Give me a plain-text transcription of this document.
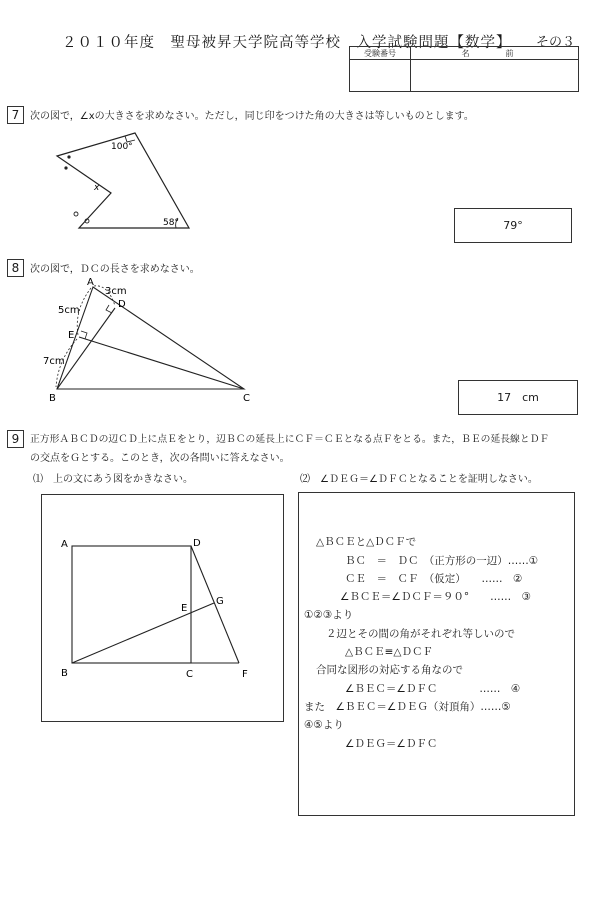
２０１０年度　聖母被昇天学院高等学校　入学試験問題【数学】 その３
受験番号	名　前

7	次の図で，∠xの大きさを求めなさい。ただし，同じ印をつけた角の大きさは等しいものとします。
100°
x
58°	79°
8	次の図で，ＤＣの長さを求めなさい。
A
D
E
B	C
3cm
5cm
7cm
17　cm
9	正方形ＡＢＣＤの辺ＣＤ上に点Ｅをとり，辺ＢＣの延長上にＣＦ＝ＣＥとなる点Ｆをとる。また，ＢＥの延長線とＤＦ
の交点をＧとする。このとき，次の各問いに答えなさい。
⑴　上の文にあう図をかきなさい。	⑵　∠ＤＥＧ＝∠ＤＦＣとなることを証明しなさい。
A	D
E
G
B	C	F
△ＢＣＥと△ＤＣＦで
ＢＣ　＝　ＤＣ　（正方形の一辺）……①
ＣＥ　＝　ＣＦ　（仮定）　　……　②
∠ＢＣＥ＝∠ＤＣＦ＝９０°　　……　③
①②③より
２辺とその間の角がそれぞれ等しいので
△ＢＣＥ≡△ＤＣＦ
合同な図形の対応する角なので
∠ＢＥＣ＝∠ＤＦＣ　　　　……　④
また　∠ＢＥＣ＝∠ＤＥＧ（対頂角）……⑤
④⑤より
∠ＤＥＧ＝∠ＤＦＣ
